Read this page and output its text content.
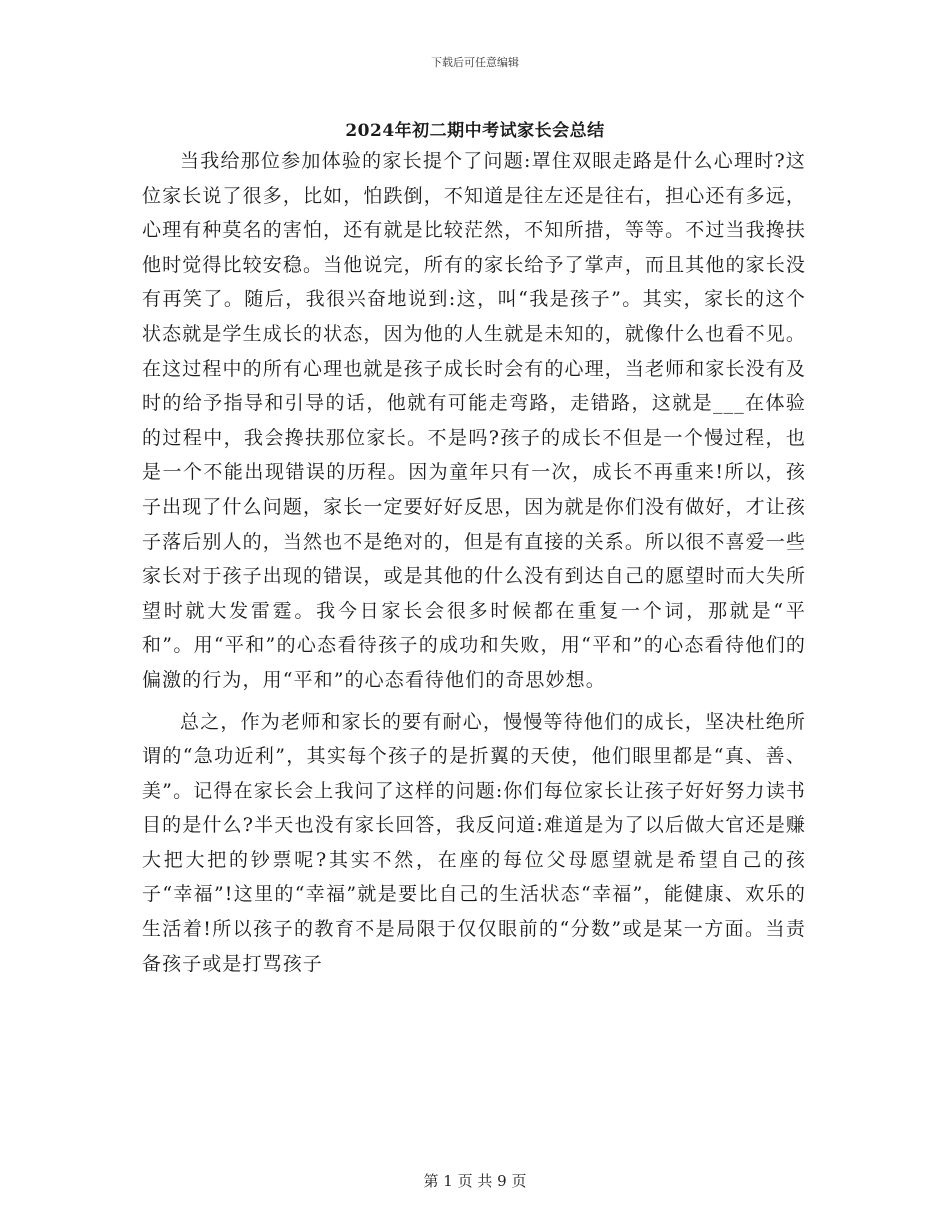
下载后可任意编辑
2024年初二期中考试家长会总结

当我给那位参加体验的家长提个了问题:罩住双眼走路是什么心理时?这位家长说了很多，比如，怕跌倒，不知道是往左还是往右，担心还有多远，心理有种莫名的害怕，还有就是比较茫然，不知所措，等等。不过当我搀扶他时觉得比较安稳。当他说完，所有的家长给予了掌声，而且其他的家长没有再笑了。随后，我很兴奋地说到:这，叫“我是孩子”。其实，家长的这个状态就是学生成长的状态，因为他的人生就是未知的，就像什么也看不见。在这过程中的所有心理也就是孩子成长时会有的心理，当老师和家长没有及时的给予指导和引导的话，他就有可能走弯路，走错路，这就是___在体验的过程中，我会搀扶那位家长。不是吗?孩子的成长不但是一个慢过程，也是一个不能出现错误的历程。因为童年只有一次，成长不再重来!所以，孩子出现了什么问题，家长一定要好好反思，因为就是你们没有做好，才让孩子落后别人的，当然也不是绝对的，但是有直接的关系。所以很不喜爱一些家长对于孩子出现的错误，或是其他的什么没有到达自己的愿望时而大失所望时就大发雷霆。我今日家长会很多时候都在重复一个词，那就是“平和”。用“平和”的心态看待孩子的成功和失败，用“平和”的心态看待他们的偏激的行为，用“平和”的心态看待他们的奇思妙想。

总之，作为老师和家长的要有耐心，慢慢等待他们的成长，坚决杜绝所谓的“急功近利”，其实每个孩子的是折翼的天使，他们眼里都是“真、善、美”。记得在家长会上我问了这样的问题:你们每位家长让孩子好好努力读书目的是什么?半天也没有家长回答，我反问道:难道是为了以后做大官还是赚大把大把的钞票呢?其实不然，在座的每位父母愿望就是希望自己的孩子“幸福”!这里的“幸福”就是要比自己的生活状态“幸福”，能健康、欢乐的生活着!所以孩子的教育不是局限于仅仅眼前的“分数”或是某一方面。当责备孩子或是打骂孩子

第 1 页 共 9 页
